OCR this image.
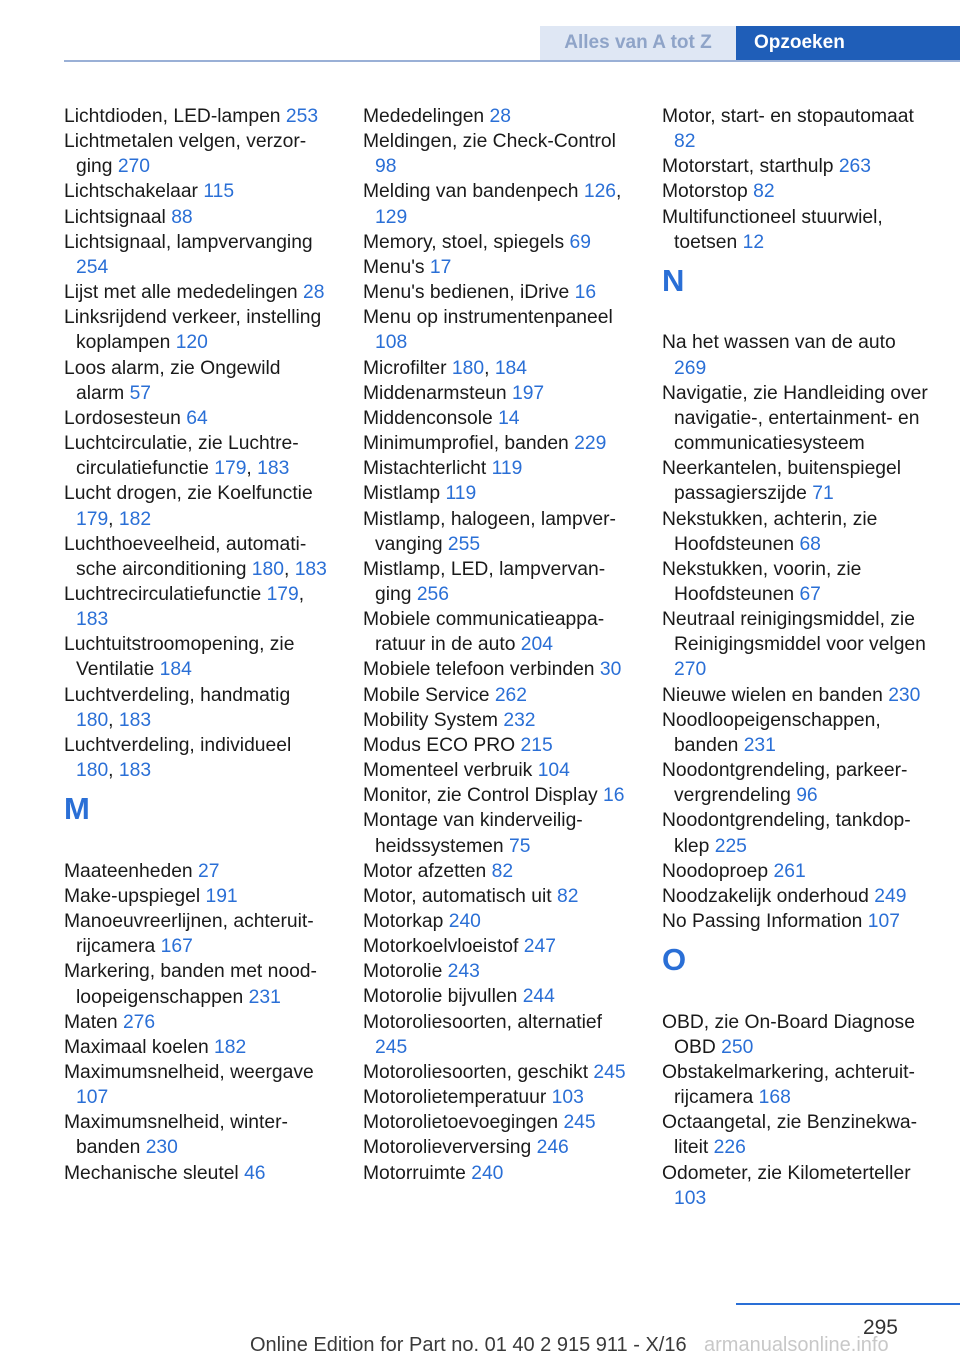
Alles van A tot Z	Opzoeken
Lichtdioden, LED-lampen 253
Lichtmetalen velgen, verzorging 270
Lichtschakelaar 115
Lichtsignaal 88
Lichtsignaal, lampvervanging 254
Lijst met alle mededelingen 28
Linksrijdend verkeer, instelling koplampen 120
Loos alarm, zie Ongewild alarm 57
Lordosesteun 64
Luchtcirculatie, zie Luchtrecirculatiefunctie 179, 183
Lucht drogen, zie Koelfunctie 179, 182
Luchthoeveelheid, automatische airconditioning 180, 183
Luchtrecirculatiefunctie 179, 183
Luchtuitstroomopening, zie Ventilatie 184
Luchtverdeling, handmatig 180, 183
Luchtverdeling, individueel 180, 183
M
Maateenheden 27
Make-upspiegel 191
Manoeuvreerlijnen, achteruitrijcamera 167
Markering, banden met noodloopeigenschappen 231
Maten 276
Maximaal koelen 182
Maximumsnelheid, weergave 107
Maximumsnelheid, winterbanden 230
Mechanische sleutel 46
Mededelingen 28
Meldingen, zie Check-Control 98
Melding van bandenpech 126, 129
Memory, stoel, spiegels 69
Menu's 17
Menu's bedienen, iDrive 16
Menu op instrumentenpaneel 108
Microfilter 180, 184
Middenarmsteun 197
Middenconsole 14
Minimumprofiel, banden 229
Mistachterlicht 119
Mistlamp 119
Mistlamp, halogeen, lampvervanging 255
Mistlamp, LED, lampvervanging 256
Mobiele communicatieapparatuur in de auto 204
Mobiele telefoon verbinden 30
Mobile Service 262
Mobility System 232
Modus ECO PRO 215
Momenteel verbruik 104
Monitor, zie Control Display 16
Montage van kinderveiligheidssystemen 75
Motor afzetten 82
Motor, automatisch uit 82
Motorkap 240
Motorkoelvloeistof 247
Motorolie 243
Motorolie bijvullen 244
Motoroliesoorten, alternatief 245
Motoroliesoorten, geschikt 245
Motorolietemperatuur 103
Motorolietoevoegingen 245
Motorolieverversing 246
Motorruimte 240
Motor, start- en stopautomaat 82
Motorstart, starthulp 263
Motorstop 82
Multifunctioneel stuurwiel, toetsen 12
N
Na het wassen van de auto 269
Navigatie, zie Handleiding over navigatie-, entertainment- en communicatiesysteem
Neerkantelen, buitenspiegel passagierszijde 71
Nekstukken, achterin, zie Hoofdsteunen 68
Nekstukken, voorin, zie Hoofdsteunen 67
Neutraal reinigingsmiddel, zie Reinigingsmiddel voor velgen 270
Nieuwe wielen en banden 230
Noodloopeigenschappen, banden 231
Noodontgrendeling, parkeervergrendeling 96
Noodontgrendeling, tankdopklep 225
Noodoproep 261
Noodzakelijk onderhoud 249
No Passing Information 107
O
OBD, zie On-Board Diagnose OBD 250
Obstakelmarkering, achteruitrijcamera 168
Octaangetal, zie Benzinekwaliteit 226
Odometer, zie Kilometerteller 103
295
Online Edition for Part no. 01 40 2 915 911 - X/16 armanualsonline.info
